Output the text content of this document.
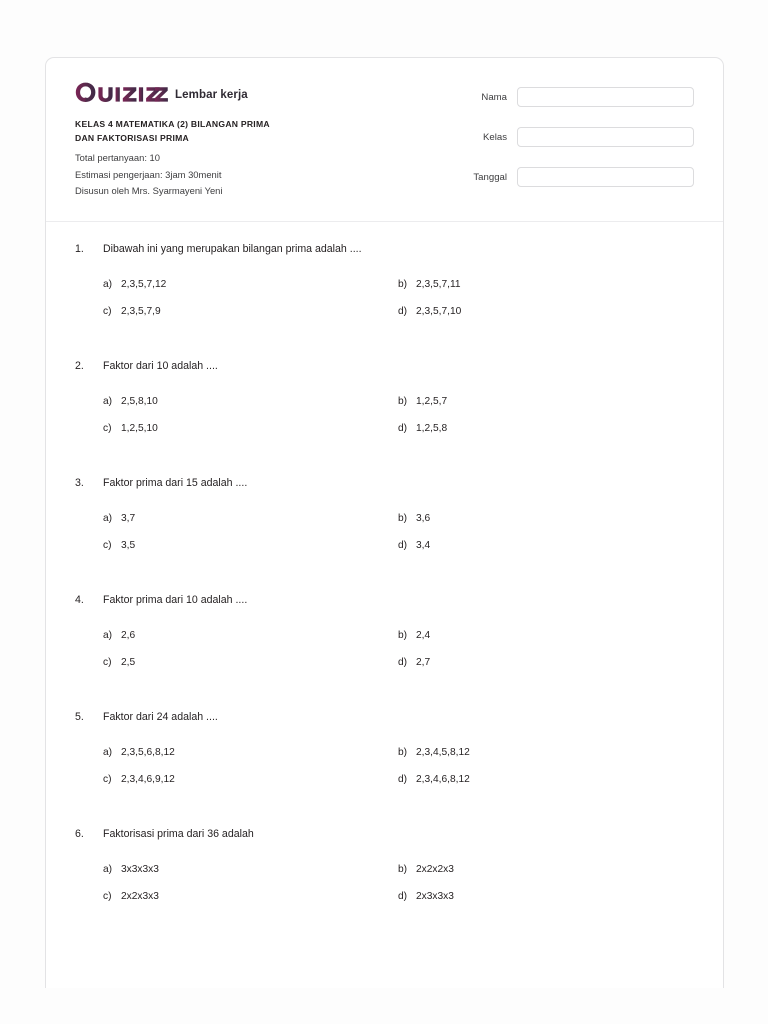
Lembar kerja
KELAS 4 MATEMATIKA (2) BILANGAN PRIMA
DAN FAKTORISASI PRIMA
Total pertanyaan: 10
Estimasi pengerjaan: 3jam 30menit
Disusun oleh Mrs. Syarmayeni Yeni
Nama
Kelas
Tanggal
1.	Dibawah ini yang merupakan bilangan prima adalah ....
a) 2,3,5,7,12	b) 2,3,5,7,11
c) 2,3,5,7,9	d) 2,3,5,7,10
2.	Faktor dari 10 adalah ....
a) 2,5,8,10	b) 1,2,5,7
c) 1,2,5,10	d) 1,2,5,8
3.	Faktor prima dari 15 adalah ....
a) 3,7	b) 3,6
c) 3,5	d) 3,4
4.	Faktor prima dari 10 adalah ....
a) 2,6	b) 2,4
c) 2,5	d) 2,7
5.	Faktor dari 24 adalah ....
a) 2,3,5,6,8,12	b) 2,3,4,5,8,12
c) 2,3,4,6,9,12	d) 2,3,4,6,8,12
6.	Faktorisasi prima dari 36 adalah
a) 3x3x3x3	b) 2x2x2x3
c) 2x2x3x3	d) 2x3x3x3
